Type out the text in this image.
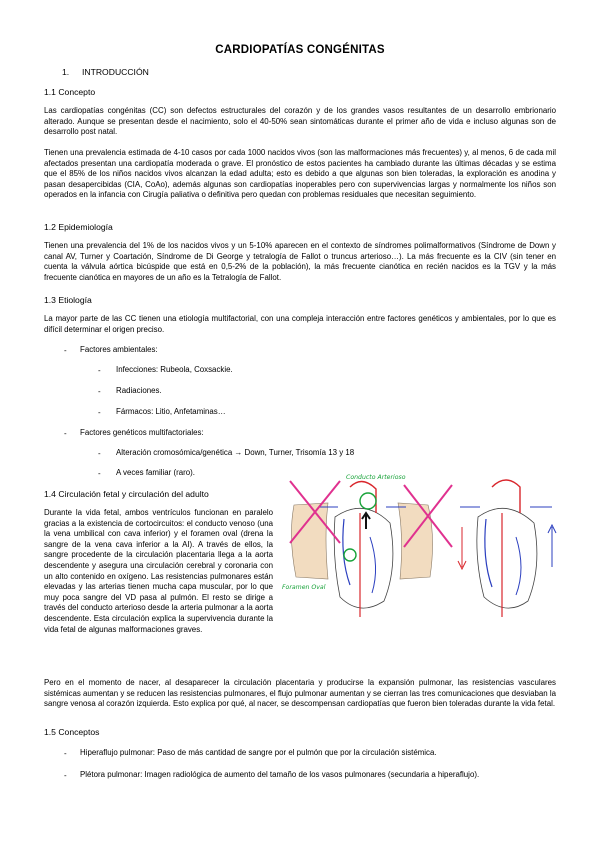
CARDIOPATÍAS CONGÉNITAS
1. INTRODUCCIÓN
1.1 Concepto
Las cardiopatías congénitas (CC) son defectos estructurales del corazón y de los grandes vasos resultantes de un desarrollo embrionario alterado. Aunque se presentan desde el nacimiento, solo el 40-50% sean sintomáticas durante el primer año de vida e incluso algunas son de desarrollo post natal.
Tienen una prevalencia estimada de 4-10 casos por cada 1000 nacidos vivos (son las malformaciones más frecuentes) y, al menos, 6 de cada mil afectados presentan una cardiopatía moderada o grave. El pronóstico de estos pacientes ha cambiado durante las últimas décadas y se estima que el 85% de los niños nacidos vivos alcanzan la edad adulta; esto es debido a que algunas son bien toleradas, la exploración es anodina y pasan desapercibidas (CIA, CoAo), además algunas son cardiopatías inoperables pero con supervivencias largas y normalmente los niños son operados en la infancia con Cirugía paliativa o definitiva pero quedan con problemas residuales que necesitan seguimiento.
1.2 Epidemiología
Tienen una prevalencia del 1% de los nacidos vivos y un 5-10% aparecen en el contexto de síndromes polimalformativos (Síndrome de Down y canal AV, Turner y Coartación, Síndrome de Di George y tetralogía de Fallot o truncus arterioso…). La más frecuente es la CIV (sin tener en cuenta la válvula aórtica bicúspide que está en 0,5-2% de la población), la más frecuente cianótica en recién nacidos es la TGV y la más frecuente cianótica en mayores de un año es la Tetralogía de Fallot.
1.3 Etiología
La mayor parte de las CC tienen una etiología multifactorial, con una compleja interacción entre factores genéticos y ambientales, por lo que es difícil determinar el origen preciso.
- Factores ambientales:
- Infecciones: Rubeola, Coxsackie.
- Radiaciones.
- Fármacos: Litio, Anfetaminas…
- Factores genéticos multifactoriales:
- Alteración cromosómica/genética → Down, Turner, Trisomía 13 y 18
- A veces familiar (raro).
1.4 Circulación fetal y circulación del adulto
Durante la vida fetal, ambos ventrículos funcionan en paralelo gracias a la existencia de cortocircuitos: el conducto venoso (una la vena umbilical con cava inferior) y el foramen oval (drena la sangre de la vena cava inferior a la AI). A través de ellos, la sangre procedente de la circulación placentaria llega a la aorta descendente y asegura una circulación cerebral y coronaria con un alto contenido en oxígeno. Las resistencias pulmonares están elevadas y las arterias tienen mucha capa muscular, por lo que muy poca sangre del VD pasa al pulmón. El resto se dirige a través del conducto arterioso desde la arteria pulmonar a la aorta descendente. Esta circulación explica la supervivencia durante la vida fetal de algunas malformaciones graves.
Conducto Arterioso
Foramen Oval
Pero en el momento de nacer, al desaparecer la circulación placentaria y producirse la expansión pulmonar, las resistencias vasculares sistémicas aumentan y se reducen las resistencias pulmonares, el flujo pulmonar aumentan y se cierran las tres comunicaciones que desviaban la sangre venosa al corazón izquierda. Esto explica por qué, al nacer, se descompensan cardiopatías que fueron bien toleradas durante la vida fetal.
1.5 Conceptos
- Hiperaflujo pulmonar: Paso de más cantidad de sangre por el pulmón que por la circulación sistémica.
- Plétora pulmonar: Imagen radiológica de aumento del tamaño de los vasos pulmonares (secundaria a hiperaflujo).
